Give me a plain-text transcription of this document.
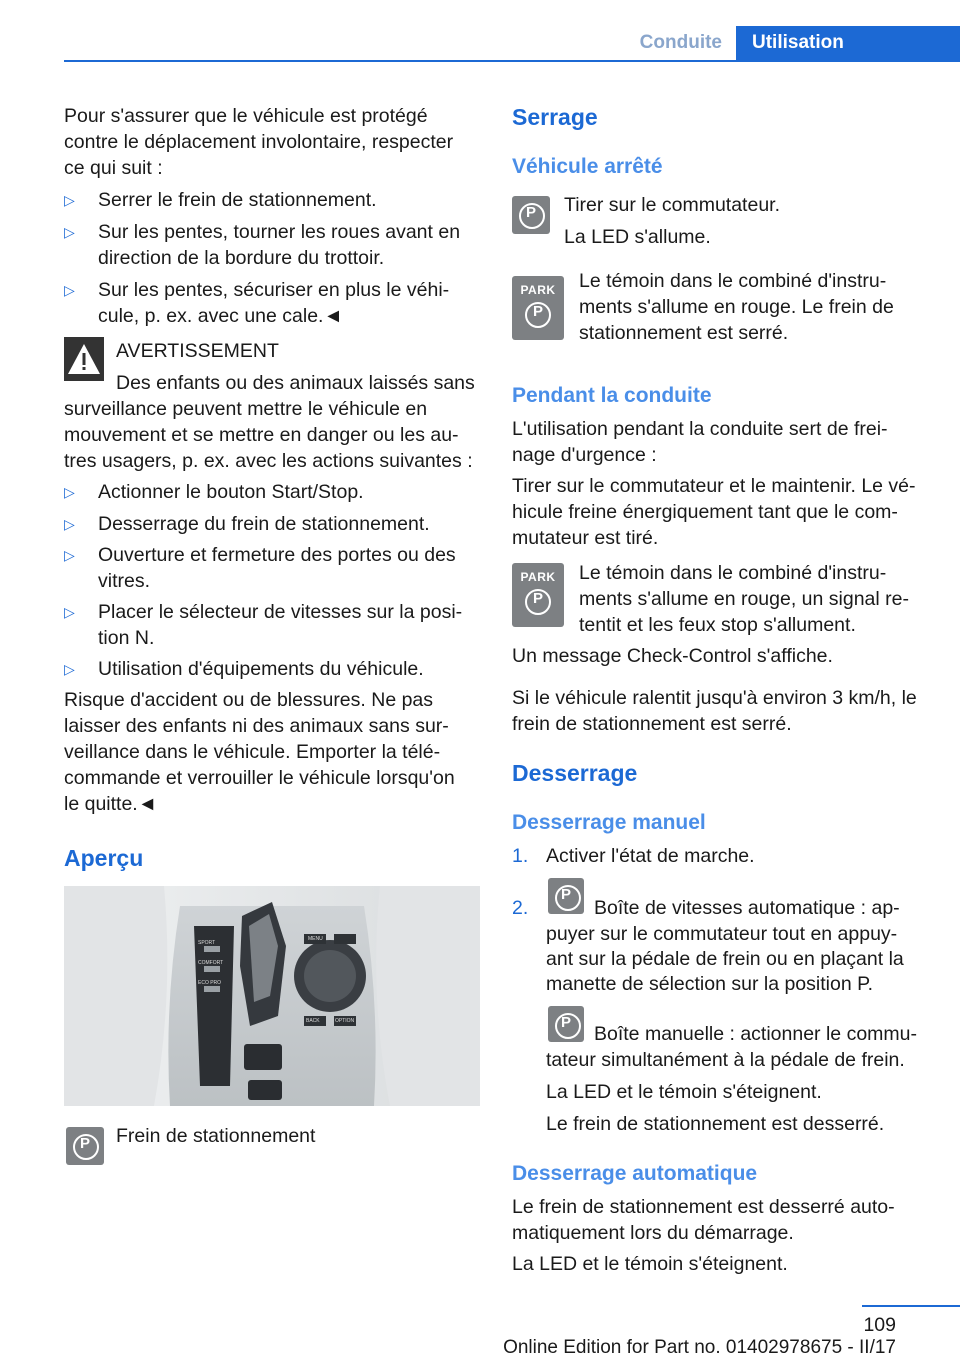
Conduite	Utilisation

Pour s'assurer que le véhicule est protégé

contre le déplacement involontaire, respecter

ce qui suit :

▷ Serrer le frein de stationnement.
▷ Sur les pentes, tourner les roues avant en
direction de la bordure du trottoir.
▷ Sur les pentes, sécuriser en plus le véhi-
cule, p. ex. avec une cale.◄

AVERTISSEMENT

Des enfants ou des animaux laissés sans

surveillance peuvent mettre le véhicule en

mouvement et se mettre en danger ou les au-

tres usagers, p. ex. avec les actions suivantes :

▷ Actionner le bouton Start/Stop.
▷ Desserrage du frein de stationnement.
▷ Ouverture et fermeture des portes ou des
vitres.
▷ Placer le sélecteur de vitesses sur la posi-
tion N.
▷ Utilisation d'équipements du véhicule.

Risque d'accident ou de blessures. Ne pas

laisser des enfants ni des animaux sans sur-

veillance dans le véhicule. Emporter la télé-

commande et verrouiller le véhicule lorsqu'on

le quitte.◄

Aperçu

MENU
BACK	OPTION
SPORT
COMFORT
ECO PRO
P	Frein de stationnement

Serrage

Véhicule arrêté

P	Tirer sur le commutateur.

La LED s'allume.

PARK
P

Le témoin dans le combiné d'instru-

ments s'allume en rouge. Le frein de

stationnement est serré.

Pendant la conduite

L'utilisation pendant la conduite sert de frei-

nage d'urgence :

Tirer sur le commutateur et le maintenir. Le vé-

hicule freine énergiquement tant que le com-

mutateur est tiré.

PARK
P

Le témoin dans le combiné d'instru-

ments s'allume en rouge, un signal re-

tentit et les feux stop s'allument.

Un message Check-Control s'affiche.

Si le véhicule ralentit jusqu'à environ 3 km/h, le

frein de stationnement est serré.

Desserrage

Desserrage manuel

1. Activer l'état de marche.

2.
P

Boîte de vitesses automatique : ap-

puyer sur le commutateur tout en appuy-

ant sur la pédale de frein ou en plaçant la

manette de sélection sur la position P.

P

Boîte manuelle : actionner le commu-

tateur simultanément à la pédale de frein.

La LED et le témoin s'éteignent.

Le frein de stationnement est desserré.

Desserrage automatique

Le frein de stationnement est desserré auto-

matiquement lors du démarrage.

La LED et le témoin s'éteignent.

109

Online Edition for Part no. 01402978675 - II/17
